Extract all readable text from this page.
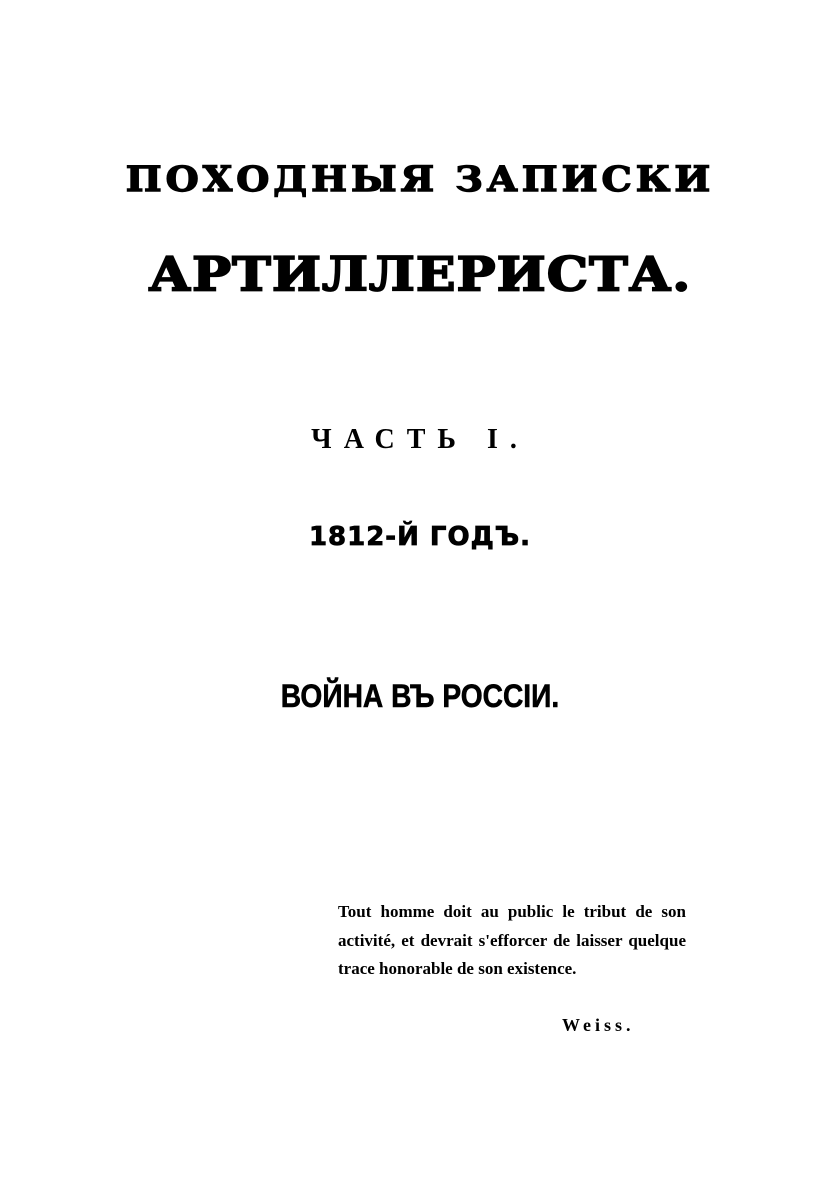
ПОХОДНЫЯ ЗАПИСКИ
АРТИЛЛЕРИСТА.
ЧАСТЬ I.
1812-Й ГОДЪ.
ВОЙНА ВЪ РОССІИ.
Tout homme doit au public le tribut de son activité, et devrait s'efforcer de laisser quelque trace honorable de son existence.
Weiss.
